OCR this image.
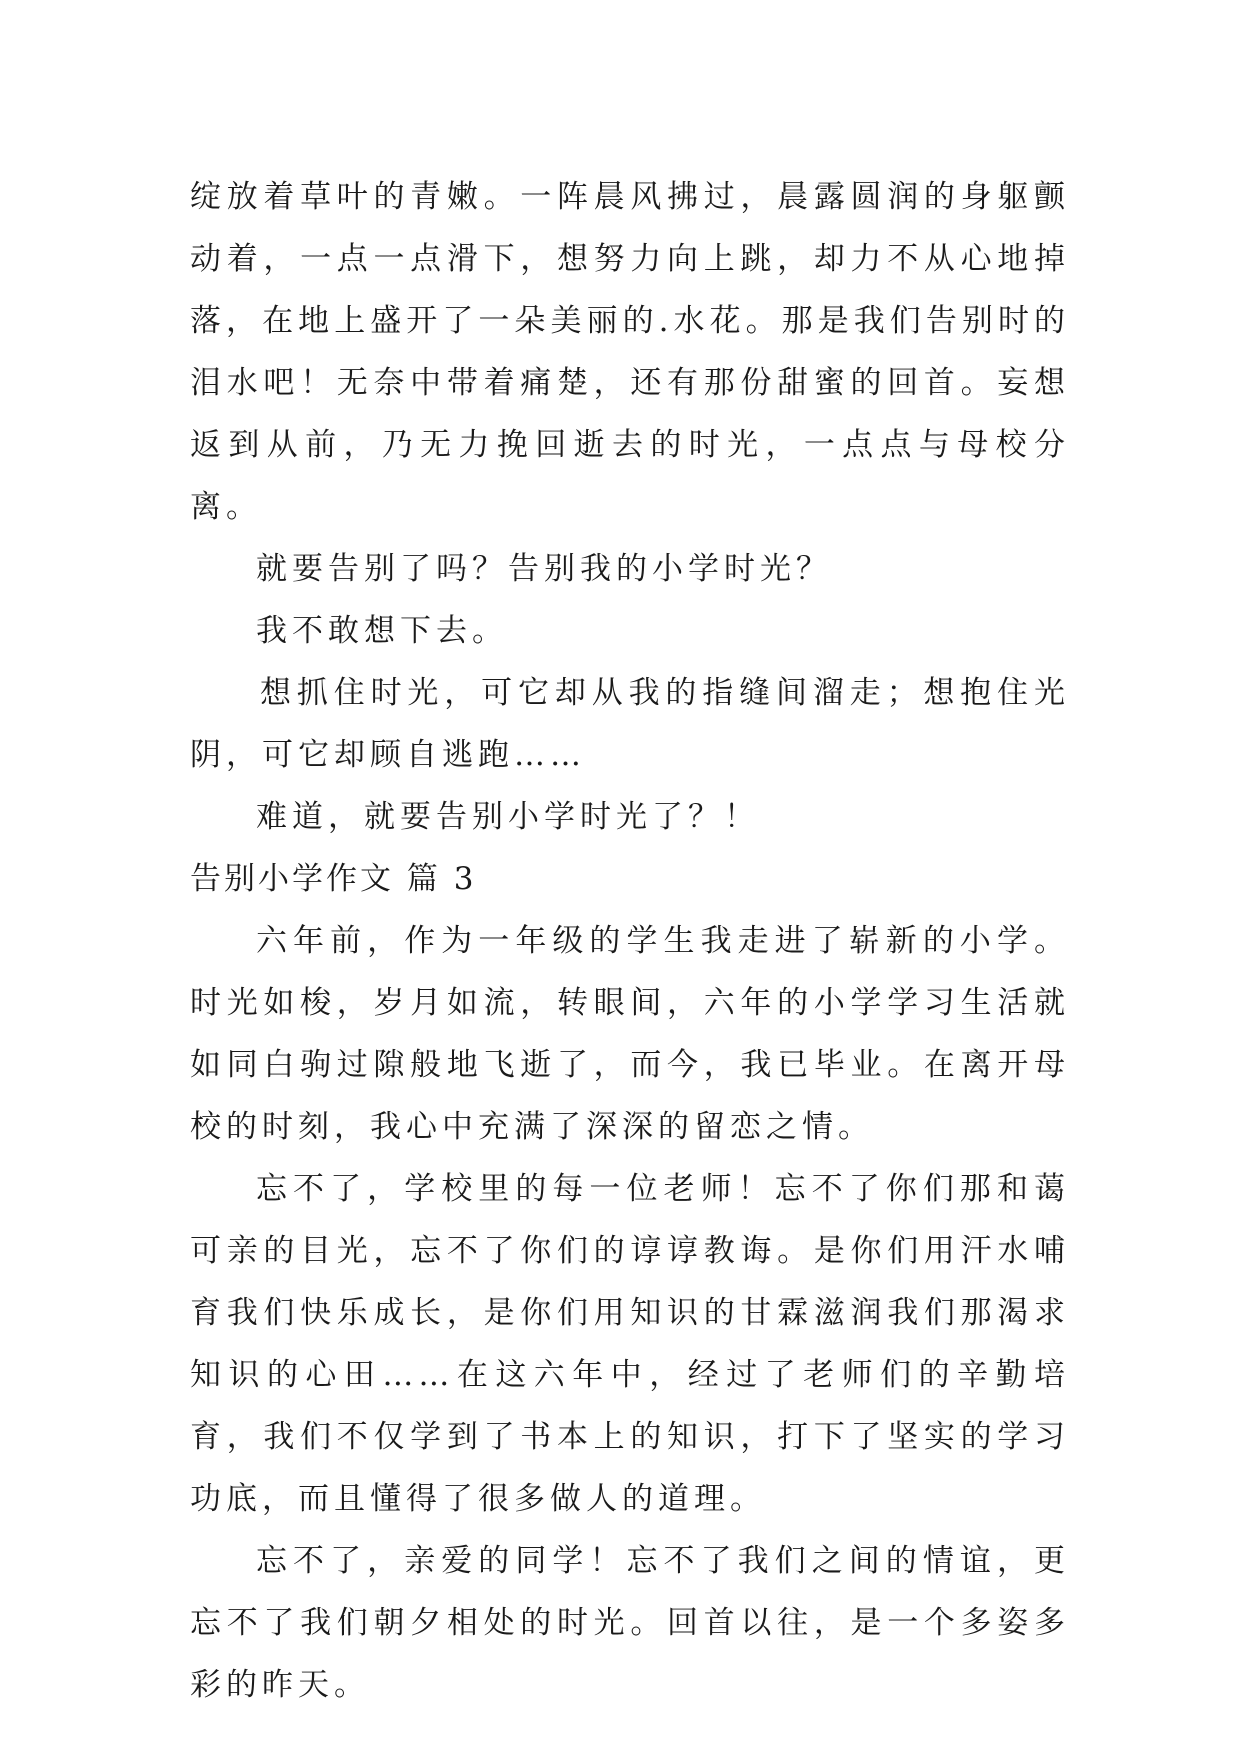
绽放着草叶的青嫩。一阵晨风拂过，晨露圆润的身躯颤动着，一点一点滑下，想努力向上跳，却力不从心地掉落，在地上盛开了一朵美丽的.水花。那是我们告别时的泪水吧！无奈中带着痛楚，还有那份甜蜜的回首。妄想返到从前，乃无力挽回逝去的时光，一点点与母校分离。

就要告别了吗？告别我的小学时光？

我不敢想下去。

想抓住时光，可它却从我的指缝间溜走；想抱住光阴，可它却顾自逃跑……

难道，就要告别小学时光了？！

告别小学作文 篇 3

六年前，作为一年级的学生我走进了崭新的小学。时光如梭，岁月如流，转眼间，六年的小学学习生活就如同白驹过隙般地飞逝了，而今，我已毕业。在离开母校的时刻，我心中充满了深深的留恋之情。

忘不了，学校里的每一位老师！忘不了你们那和蔼可亲的目光，忘不了你们的谆谆教诲。是你们用汗水哺育我们快乐成长，是你们用知识的甘霖滋润我们那渴求知识的心田……在这六年中，经过了老师们的辛勤培育，我们不仅学到了书本上的知识，打下了坚实的学习功底，而且懂得了很多做人的道理。

忘不了，亲爱的同学！忘不了我们之间的情谊，更忘不了我们朝夕相处的时光。回首以往，是一个多姿多彩的昨天。
